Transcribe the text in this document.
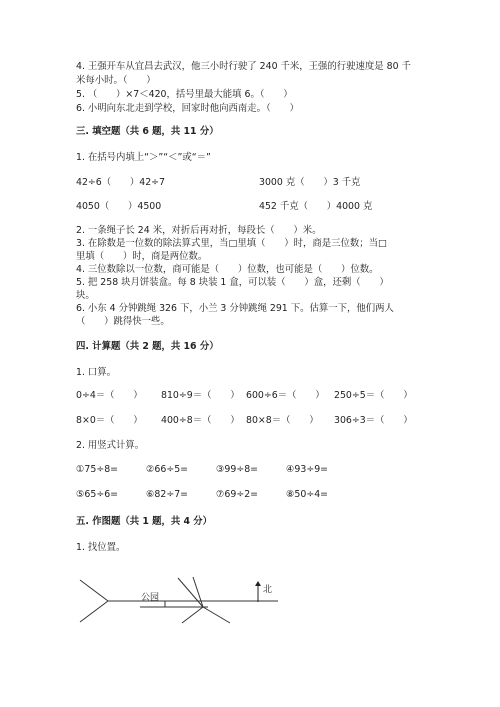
4. 王强开车从宜昌去武汉，他三小时行驶了 240 千米，王强的行驶速度是 80 千
米每小时。（　　）
5. （　　）×7＜420，括号里最大能填 6。（　　）
6. 小明向东北走到学校，回家时他向西南走。（　　）
三. 填空题（共 6 题，共 11 分）
1. 在括号内填上“＞”“＜”或“＝”
42÷6（　　）42÷7	3000 克（　　）3 千克
4050（　　）4500	452 千克（　　）4000 克
2. 一条绳子长 24 米，对折后再对折，每段长（　　）米。
3. 在除数是一位数的除法算式里，当□里填（　　）时，商是三位数；当□
里填（　　）时，商是两位数。
4. 三位数除以一位数，商可能是（　　）位数，也可能是（　　）位数。
5. 把 258 块月饼装盒。每 8 块装 1 盒，可以装（　　）盒，还剩（　　）
块。
6. 小东 4 分钟跳绳 326 下，小兰 3 分钟跳绳 291 下。估算一下，他们两人
（　　）跳得快一些。
四. 计算题（共 2 题，共 16 分）
1. 口算。
0÷4＝（　　） 810÷9＝（　　） 600÷6＝（　　） 250÷5＝（　　）
8×0＝（　　） 400÷8＝（　　） 80×8＝（　　） 306÷3＝（　　）
2. 用竖式计算。
①75÷8=	②66÷5=	③99÷8=	④93÷9=
⑤65÷6=	⑥82÷7=	⑦69÷2=	⑧50÷4=
五. 作图题（共 1 题，共 4 分）
1. 找位置。
公园
北
